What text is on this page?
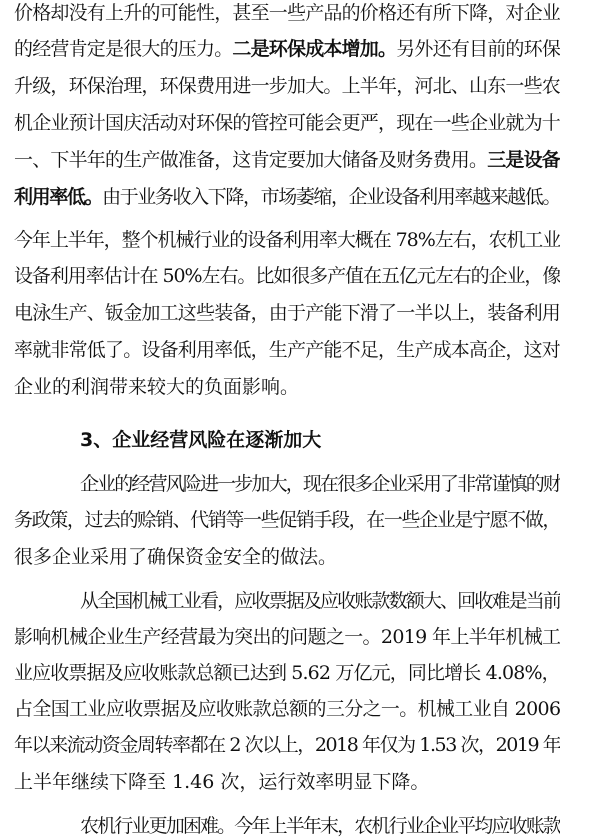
价格却没有上升的可能性，甚至一些产品的价格还有所下降，对企业
的经营肯定是很大的压力。二是环保成本增加。另外还有目前的环保
升级，环保治理，环保费用进一步加大。上半年，河北、山东一些农
机企业预计国庆活动对环保的管控可能会更严，现在一些企业就为十
一、下半年的生产做准备，这肯定要加大储备及财务费用。三是设备
利用率低。由于业务收入下降，市场萎缩，企业设备利用率越来越低。
今年上半年，整个机械行业的设备利用率大概在 78%左右，农机工业
设备利用率估计在 50%左右。比如很多产值在五亿元左右的企业，像
电泳生产、钣金加工这些装备，由于产能下滑了一半以上，装备利用
率就非常低了。设备利用率低，生产产能不足，生产成本高企，这对
企业的利润带来较大的负面影响。
3、企业经营风险在逐渐加大
企业的经营风险进一步加大，现在很多企业采用了非常谨慎的财
务政策，过去的赊销、代销等一些促销手段，在一些企业是宁愿不做，
很多企业采用了确保资金安全的做法。
从全国机械工业看，应收票据及应收账款数额大、回收难是当前
影响机械企业生产经营最为突出的问题之一。2019 年上半年机械工
业应收票据及应收账款总额已达到 5.62 万亿元，同比增长 4.08%，
占全国工业应收票据及应收账款总额的三分之一。机械工业自 2006
年以来流动资金周转率都在 2 次以上，2018 年仅为 1.53 次，2019 年
上半年继续下降至 1.46 次，运行效率明显下降。
农机行业更加困难。今年上半年末，农机行业企业平均应收账款
